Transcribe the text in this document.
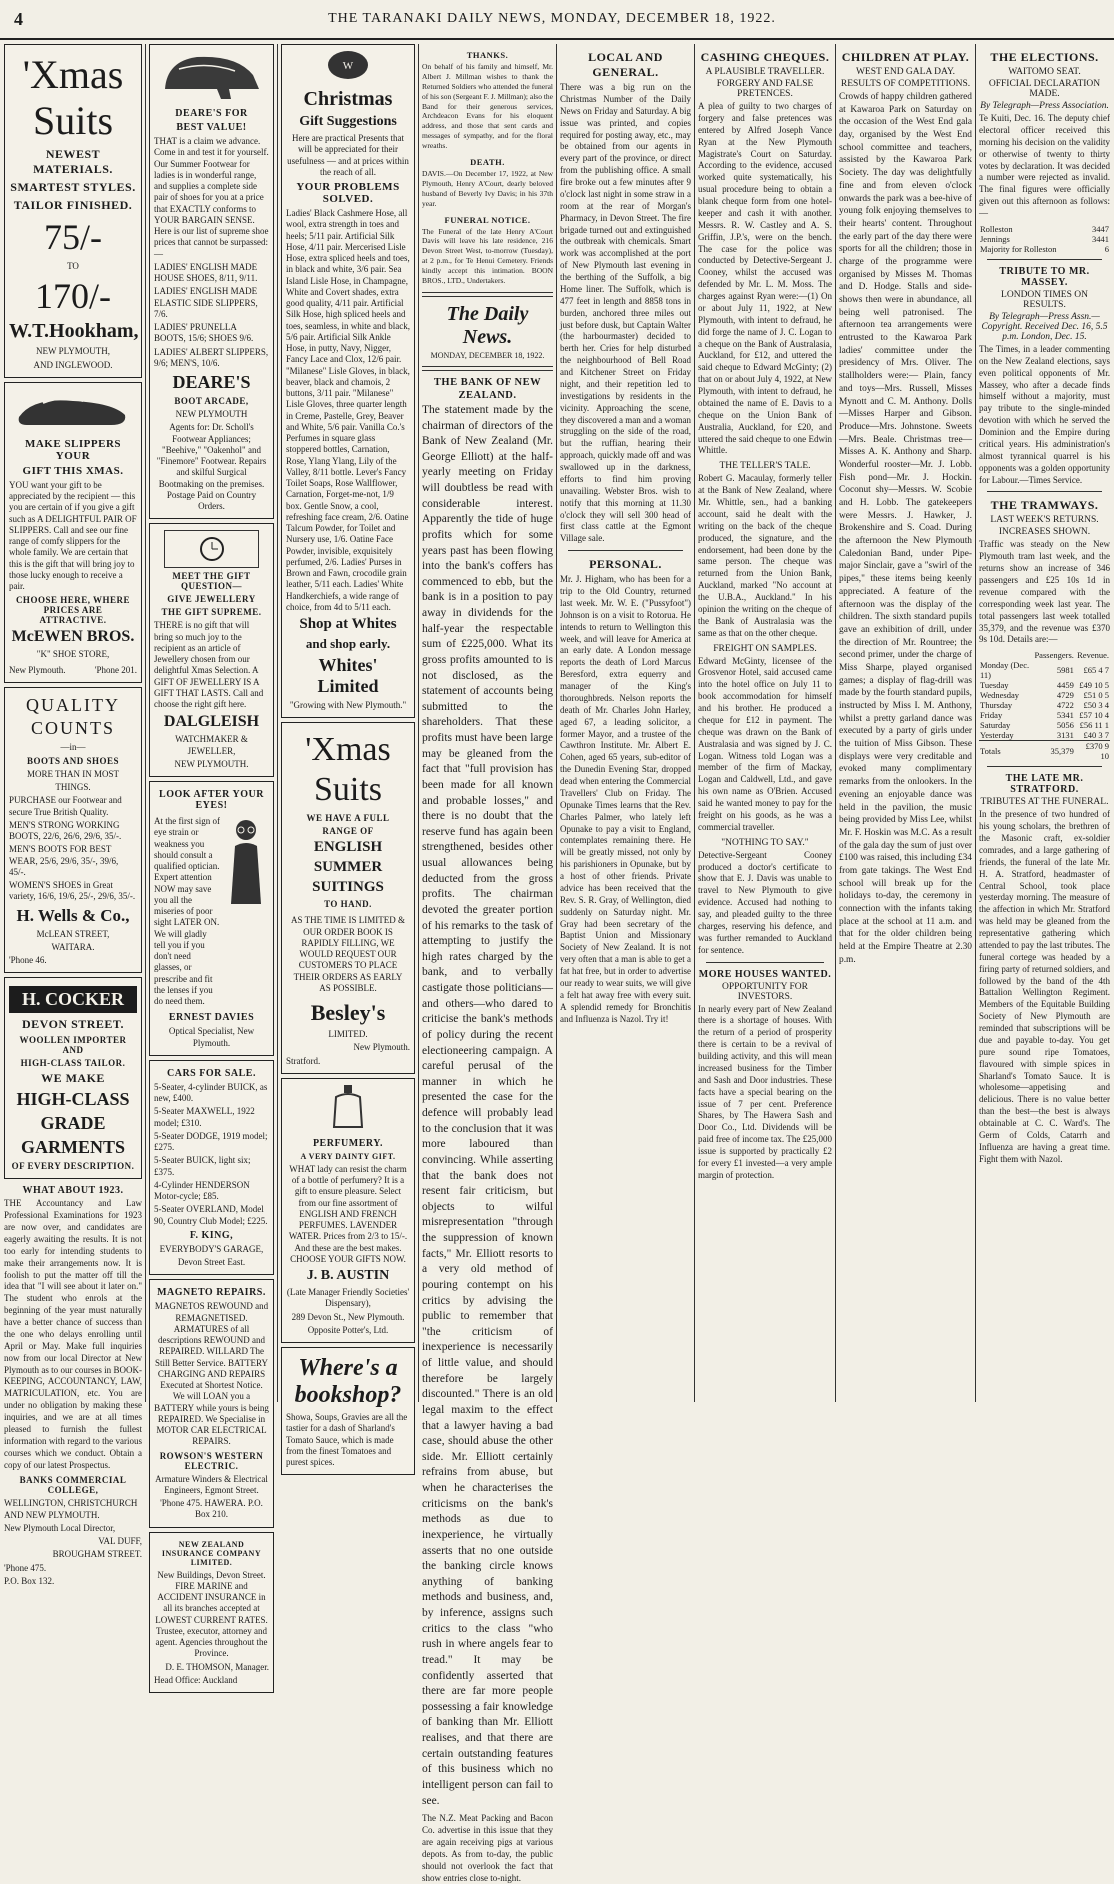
4	THE TARANAKI DAILY NEWS, MONDAY, DECEMBER 18, 1922.
'Xmas
Suits
NEWEST MATERIALS.
SMARTEST STYLES.
TAILOR FINISHED.
75/-
TO
170/-
W.T.Hookham,
NEW PLYMOUTH,
AND INGLEWOOD.
MAKE SLIPPERS YOUR
GIFT THIS XMAS.

YOU want your gift to be appreciated by the recipient — this you are certain of if you give a gift such as A DELIGHTFUL PAIR OF SLIPPERS. Call and see our fine range of comfy slippers for the whole family. We are certain that this is the gift that will bring joy to those lucky enough to receive a pair.

CHOOSE HERE, WHERE PRICES ARE ATTRACTIVE.
McEWEN BROS.
"K" SHOE STORE,
New Plymouth.	'Phone 201.
QUALITY
COUNTS
—in—
BOOTS AND SHOES
MORE THAN IN MOST
THINGS.

PURCHASE our Footwear and secure True British Quality.

MEN'S STRONG WORKING BOOTS, 22/6, 26/6, 29/6, 35/-.

MEN'S BOOTS FOR BEST WEAR, 25/6, 29/6, 35/-, 39/6, 45/-.

WOMEN'S SHOES in Great variety, 16/6, 19/6, 25/-, 29/6, 35/-.

H. Wells & Co.,
McLEAN STREET,
WAITARA.
'Phone 46.
H. COCKER
DEVON STREET.
WOOLLEN IMPORTER AND
HIGH-CLASS TAILOR.
WE MAKE
HIGH-CLASS
GRADE
GARMENTS
OF EVERY DESCRIPTION.
WHAT ABOUT 1923.

THE Accountancy and Law Professional Examinations for 1923 are now over, and candidates are eagerly awaiting the results. It is not too early for intending students to make their arrangements now. It is foolish to put the matter off till the idea that "I will see about it later on." The student who enrols at the beginning of the year must naturally have a better chance of success than the one who delays enrolling until April or May. Make full inquiries now from our local Director at New Plymouth as to our courses in BOOK-KEEPING, ACCOUNTANCY, LAW, MATRICULATION, etc. You are under no obligation by making these inquiries, and we are at all times pleased to furnish the fullest information with regard to the various courses which we conduct. Obtain a copy of our latest Prospectus.

BANKS COMMERCIAL COLLEGE,
WELLINGTON, CHRISTCHURCH AND NEW PLYMOUTH.
New Plymouth Local Director,
VAL DUFF,
BROUGHAM STREET.
'Phone 475.
P.O. Box 132.
DEARE'S FOR
BEST VALUE!

THAT is a claim we advance. Come in and test it for yourself. Our Summer Footwear for ladies is in wonderful range, and supplies a complete side pair of shoes for you at a price that EXACTLY conforms to YOUR BARGAIN SENSE. Here is our list of supreme shoe prices that cannot be surpassed:—

LADIES' ENGLISH MADE HOUSE SHOES, 8/11, 9/11.

LADIES' ENGLISH MADE ELASTIC SIDE SLIPPERS, 7/6.

LADIES' PRUNELLA BOOTS, 15/6; SHOES 9/6.

LADIES' ALBERT SLIPPERS, 9/6; MEN'S, 10/6.

DEARE'S
BOOT ARCADE,
NEW PLYMOUTH

Agents for: Dr. Scholl's Footwear Appliances; "Beehive," "Oakenhol" and "Finemore" Footwear. Repairs and skilful Surgical Bootmaking on the premises. Postage Paid on Country Orders.

MEET THE GIFT QUESTION—
GIVE JEWELLERY
THE GIFT SUPREME.

THERE is no gift that will bring so much joy to the recipient as an article of Jewellery chosen from our delightful Xmas Selection. A GIFT OF JEWELLERY IS A GIFT THAT LASTS. Call and choose the right gift here.

DALGLEISH
WATCHMAKER & JEWELLER,
NEW PLYMOUTH.
LOOK AFTER YOUR EYES!

At the first sign of eye strain or weakness you should consult a qualified optician. Expert attention NOW may save you all the miseries of poor sight LATER ON. We will gladly tell you if you don't need glasses, or prescribe and fit the lenses if you do need them.

ERNEST DAVIES
Optical Specialist, New Plymouth.
CARS FOR SALE.

5-Seater, 4-cylinder BUICK, as new, £400.

5-Seater MAXWELL, 1922 model; £310.

5-Seater DODGE, 1919 model; £275.

5-Seater BUICK, light six; £375.

4-Cylinder HENDERSON Motor-cycle; £85.

5-Seater OVERLAND, Model 90, Country Club Model; £225.

F. KING,
EVERYBODY'S GARAGE,
Devon Street East.
MAGNETO REPAIRS.

MAGNETOS REWOUND and REMAGNETISED. ARMATURES of all descriptions REWOUND and REPAIRED. WILLARD The Still Better Service. BATTERY CHARGING AND REPAIRS Executed at Shortest Notice. We will LOAN you a BATTERY while yours is being REPAIRED. We Specialise in MOTOR CAR ELECTRICAL REPAIRS.

ROWSON'S WESTERN ELECTRIC.
Armature Winders & Electrical Engineers, Egmont Street.
'Phone 475. HAWERA. P.O. Box 210.
NEW ZEALAND INSURANCE COMPANY LIMITED.

New Buildings, Devon Street. FIRE MARINE and ACCIDENT INSURANCE in all its branches accepted at LOWEST CURRENT RATES. Trustee, executor, attorney and agent. Agencies throughout the Province.

D. E. THOMSON, Manager.
Head Office: Auckland
W
Christmas
Gift Suggestions

Here are practical Presents that will be appreciated for their usefulness — and at prices within the reach of all.

YOUR PROBLEMS SOLVED.

Ladies' Black Cashmere Hose, all wool, extra strength in toes and heels; 5/11 pair. Artificial Silk Hose, 4/11 pair. Mercerised Lisle Hose, extra spliced heels and toes, in black and white, 3/6 pair. Sea Island Lisle Hose, in Champagne, White and Covert shades, extra good quality, 4/11 pair. Artificial Silk Hose, high spliced heels and toes, seamless, in white and black, 5/6 pair. Artificial Silk Ankle Hose, in putty, Navy, Nigger, Fancy Lace and Clox, 12/6 pair. "Milanese" Lisle Gloves, in black, beaver, black and chamois, 2 buttons, 3/11 pair. "Milanese" Lisle Gloves, three quarter length in Creme, Pastelle, Grey, Beaver and White, 5/6 pair. Vanilla Co.'s Perfumes in square glass stoppered bottles, Carnation, Rose, Ylang Ylang, Lily of the Valley, 8/11 bottle. Lever's Fancy Toilet Soaps, Rose Wallflower, Carnation, Forget-me-not, 1/9 box. Gentle Snow, a cool, refreshing face cream, 2/6. Oatine Talcum Powder, for Toilet and Nursery use, 1/6. Oatine Face Powder, invisible, exquisitely perfumed, 2/6. Ladies' Purses in Brown and Fawn, crocodile grain leather, 5/11 each. Ladies' White Handkerchiefs, a wide range of choice, from 4d to 5/11 each.

Shop at Whites
and shop early.
Whites' Limited
"Growing with New Plymouth."
'Xmas
Suits
WE HAVE A FULL
RANGE OF
ENGLISH
SUMMER
SUITINGS
TO HAND.

AS THE TIME IS LIMITED & OUR ORDER BOOK IS RAPIDLY FILLING, WE WOULD REQUEST OUR CUSTOMERS TO PLACE THEIR ORDERS AS EARLY AS POSSIBLE.

Besley's
LIMITED.
New Plymouth.
Stratford.
PERFUMERY.
A VERY DAINTY GIFT.

WHAT lady can resist the charm of a bottle of perfumery? It is a gift to ensure pleasure. Select from our fine assortment of ENGLISH AND FRENCH PERFUMES. LAVENDER WATER. Prices from 2/3 to 15/-. And these are the best makes. CHOOSE YOUR GIFTS NOW.

J. B. AUSTIN
(Late Manager Friendly Societies' Dispensary),
289 Devon St., New Plymouth.
Opposite Potter's, Ltd.
Where's a bookshop?

Showa, Soups, Gravies are all the tastier for a dash of Sharland's Tomato Sauce, which is made from the finest Tomatoes and purest spices.

THANKS.

On behalf of his family and himself, Mr. Albert J. Millman wishes to thank the Returned Soldiers who attended the funeral of his son (Sergeant F. J. Millman); also the Band for their generous services, Archdeacon Evans for his eloquent address, and those that sent cards and messages of sympathy, and for the floral wreaths.

DEATH.

DAVIS.—On December 17, 1922, at New Plymouth, Henry A'Court, dearly beloved husband of Beverly Ivy Davis; in his 37th year.

FUNERAL NOTICE.

The Funeral of the late Henry A'Court Davis will leave his late residence, 216 Devon Street West, to-morrow (Tuesday), at 2 p.m., for Te Henui Cemetery. Friends kindly accept this intimation. BOON BROS., LTD., Undertakers.

The Daily News.
MONDAY, DECEMBER 18, 1922.
THE BANK OF NEW
ZEALAND.

The statement made by the chairman of directors of the Bank of New Zealand (Mr. George Elliott) at the half-yearly meeting on Friday will doubtless be read with considerable interest. Apparently the tide of huge profits which for some years past has been flowing into the bank's coffers has commenced to ebb, but the bank is in a position to pay away in dividends for the half-year the respectable sum of £225,000. What its gross profits amounted to is not disclosed, as the statement of accounts being submitted to the shareholders. That these profits must have been large may be gleaned from the fact that "full provision has been made for all known and probable losses," and there is no doubt that the reserve fund has again been strengthened, besides other usual allowances being deducted from the gross profits. The chairman devoted the greater portion of his remarks to the task of attempting to justify the high rates charged by the bank, and to verbally castigate those politicians—and others—who dared to criticise the bank's methods of policy during the recent electioneering campaign. A careful perusal of the manner in which he presented the case for the defence will probably lead to the conclusion that it was more laboured than convincing. While asserting that the bank does not resent fair criticism, but objects to wilful misrepresentation "through the suppression of known facts," Mr. Elliott resorts to a very old method of pouring contempt on his critics by advising the public to remember that "the criticism of inexperience is necessarily of little value, and should therefore be largely discounted." There is an old legal maxim to the effect that a lawyer having a bad case, should abuse the other side. Mr. Elliott certainly refrains from abuse, but when he characterises the criticisms on the bank's methods as due to inexperience, he virtually asserts that no one outside the banking circle knows anything of banking methods and business, and, by inference, assigns such critics to the class "who rush in where angels fear to tread." It may be confidently asserted that there are far more people possessing a fair knowledge of banking than Mr. Elliott realises, and that there are certain outstanding features of this business which no intelligent person can fail to see.

The N.Z. Meat Packing and Bacon Co. advertise in this issue that they are again receiving pigs at various depots. As from to-day, the public should not overlook the fact that show entries close to-night.

LOCAL AND GENERAL.

There was a big run on the Christmas Number of the Daily News on Friday and Saturday. A big issue was printed, and copies required for posting away, etc., may be obtained from our agents in every part of the province, or direct from the publishing office. A small fire broke out a few minutes after 9 o'clock last night in some straw in a room at the rear of Morgan's Pharmacy, in Devon Street. The fire brigade turned out and extinguished the outbreak with chemicals. Smart work was accomplished at the port of New Plymouth last evening in the berthing of the Suffolk, a big Home liner. The Suffolk, which is 477 feet in length and 8858 tons in burden, anchored three miles out just before dusk, but Captain Walter (the harbourmaster) decided to berth her. Cries for help disturbed the neighbourhood of Bell Road and Kitchener Street on Friday night, and their repetition led to investigations by residents in the vicinity. Approaching the scene, they discovered a man and a woman struggling on the side of the road, but the ruffian, hearing their approach, quickly made off and was swallowed up in the darkness, efforts to find him proving unavailing. Webster Bros. wish to notify that this morning at 11.30 o'clock they will sell 300 head of first class cattle at the Egmont Village sale.

PERSONAL.

Mr. J. Higham, who has been for a trip to the Old Country, returned last week. Mr. W. E. ("Pussyfoot") Johnson is on a visit to Rotorua. He intends to return to Wellington this week, and will leave for America at an early date. A London message reports the death of Lord Marcus Beresford, extra equerry and manager of the King's thoroughbreds. Nelson reports the death of Mr. Charles John Harley, aged 67, a leading solicitor, a former Mayor, and a trustee of the Cawthron Institute. Mr. Albert E. Cohen, aged 65 years, sub-editor of the Dunedin Evening Star, dropped dead when entering the Commercial Travellers' Club on Friday. The Opunake Times learns that the Rev. Charles Palmer, who lately left Opunake to pay a visit to England, contemplates remaining there. He will be greatly missed, not only by his parishioners in Opunake, but by a host of other friends. Private advice has been received that the Rev. S. R. Gray, of Wellington, died suddenly on Saturday night. Mr. Gray had been secretary of the Baptist Union and Missionary Society of New Zealand. It is not very often that a man is able to get a fat hat free, but in order to advertise our ready to wear suits, we will give a felt hat away free with every suit. A splendid remedy for Bronchitis and Influenza is Nazol. Try it!

CASHING CHEQUES.
A PLAUSIBLE TRAVELLER.
FORGERY AND FALSE PRETENCES.

A plea of guilty to two charges of forgery and false pretences was entered by Alfred Joseph Vance Ryan at the New Plymouth Magistrate's Court on Saturday. According to the evidence, accused worked quite systematically, his usual procedure being to obtain a blank cheque form from one hotel-keeper and cash it with another. Messrs. R. W. Castley and A. S. Griffin, J.P.'s, were on the bench. The case for the police was conducted by Detective-Sergeant J. Cooney, whilst the accused was defended by Mr. L. M. Moss. The charges against Ryan were:—(1) On or about July 11, 1922, at New Plymouth, with intent to defraud, he did forge the name of J. C. Logan to a cheque on the Bank of Australasia, Auckland, for £12, and uttered the said cheque to Edward McGinty; (2) that on or about July 4, 1922, at New Plymouth, with intent to defraud, he obtained the name of E. Davis to a cheque on the Union Bank of Australia, Auckland, for £20, and uttered the said cheque to one Edwin Whittle.

THE TELLER'S TALE.

Robert G. Macaulay, formerly teller at the Bank of New Zealand, where Mr. Whittle, sen., had a banking account, said he dealt with the writing on the back of the cheque produced, the signature, and the endorsement, had been done by the same person. The cheque was returned from the Union Bank, Auckland, marked "No account at the U.B.A., Auckland." In his opinion the writing on the cheque of the Bank of Australasia was the same as that on the other cheque.

FREIGHT ON SAMPLES.

Edward McGinty, licensee of the Grosvenor Hotel, said accused came into the hotel office on July 11 to book accommodation for himself and his brother. He produced a cheque for £12 in payment. The cheque was drawn on the Bank of Australasia and was signed by J. C. Logan. Witness told Logan was a member of the firm of Mackay, Logan and Caldwell, Ltd., and gave his own name as O'Brien. Accused said he wanted money to pay for the freight on his goods, as he was a commercial traveller.

"NOTHING TO SAY."

Detective-Sergeant Cooney produced a doctor's certificate to show that E. J. Davis was unable to travel to New Plymouth to give evidence. Accused had nothing to say, and pleaded guilty to the three charges, reserving his defence, and was further remanded to Auckland for sentence.

MORE HOUSES WANTED.
OPPORTUNITY FOR INVESTORS.

In nearly every part of New Zealand there is a shortage of houses. With the return of a period of prosperity there is certain to be a revival of building activity, and this will mean increased business for the Timber and Sash and Door industries. These facts have a special bearing on the issue of 7 per cent. Preference Shares, by The Hawera Sash and Door Co., Ltd. Dividends will be paid free of income tax. The £25,000 issue is supported by practically £2 for every £1 invested—a very ample margin of protection.

CHILDREN AT PLAY.
WEST END GALA DAY.
RESULTS OF COMPETITIONS.

Crowds of happy children gathered at Kawaroa Park on Saturday on the occasion of the West End gala day, organised by the West End school committee and teachers, assisted by the Kawaroa Park Society. The day was delightfully fine and from eleven o'clock onwards the park was a bee-hive of young folk enjoying themselves to their hearts' content. Throughout the early part of the day there were sports for all the children; those in charge of the programme were organised by Misses M. Thomas and D. Hodge. Stalls and side-shows then were in abundance, all being well patronised. The afternoon tea arrangements were entrusted to the Kawaroa Park ladies' committee under the presidency of Mrs. Oliver. The stallholders were:— Plain, fancy and toys—Mrs. Russell, Misses Mynott and C. M. Anthony. Dolls—Misses Harper and Gibson. Produce—Mrs. Johnstone. Sweets—Mrs. Beale. Christmas tree—Misses A. K. Anthony and Sharp. Wonderful rooster—Mr. J. Lobb. Fish pond—Mr. J. Hockin. Coconut shy—Messrs. W. Scobie and H. Lobb. The gatekeepers were Messrs. J. Hawker, J. Brokenshire and S. Coad. During the afternoon the New Plymouth Caledonian Band, under Pipe-major Sinclair, gave a "swirl of the pipes," these items being keenly appreciated. A feature of the afternoon was the display of the children. The sixth standard pupils gave an exhibition of drill, under the direction of Mr. Rountree; the second primer, under the charge of Miss Sharpe, played organised games; a display of flag-drill was made by the fourth standard pupils, instructed by Miss I. M. Anthony, whilst a pretty garland dance was executed by a party of girls under the tuition of Miss Gibson. These displays were very creditable and evoked many complimentary remarks from the onlookers. In the evening an enjoyable dance was held in the pavilion, the music being provided by Miss Lee, whilst Mr. F. Hoskin was M.C. As a result of the gala day the sum of just over £100 was raised, this including £34 from gate takings. The West End school will break up for the holidays to-day, the ceremony in connection with the infants taking place at the school at 11 a.m. and that for the older children being held at the Empire Theatre at 2.30 p.m.

THE ELECTIONS.
WAITOMO SEAT.
OFFICIAL DECLARATION MADE.
By Telegraph—Press Association.

Te Kuiti, Dec. 16. The deputy chief electoral officer received this morning his decision on the validity or otherwise of twenty to thirty votes by declaration. It was decided a number were rejected as invalid. The final figures were officially given out this afternoon as follows:—

Rolleston	3447
Jennings	3441
Majority for Rolleston	6
TRIBUTE TO MR. MASSEY.
LONDON TIMES ON RESULTS.
By Telegraph—Press Assn.—Copyright. Received Dec. 16, 5.5 p.m. London, Dec. 15.

The Times, in a leader commenting on the New Zealand elections, says even political opponents of Mr. Massey, who after a decade finds himself without a majority, must pay tribute to the single-minded devotion with which he served the Dominion and the Empire during critical years. His administration's almost tyrannical quarrel is his opponents was a golden opportunity for Labour.—Times Service.

THE TRAMWAYS.
LAST WEEK'S RETURNS.
INCREASES SHOWN.

Traffic was steady on the New Plymouth tram last week, and the returns show an increase of 346 passengers and £25 10s 1d in revenue compared with the corresponding week last year. The total passengers last week totalled 35,379, and the revenue was £370 9s 10d. Details are:—

	Passengers.	Revenue.
Monday (Dec. 11)	5981	£65 4 7
Tuesday	4459	£49 10 5
Wednesday	4729	£51 0 5
Thursday	4722	£50 3 4
Friday	5341	£57 10 4
Saturday	5056	£56 11 1
Yesterday	3131	£40 3 7
Totals	35,379	£370 9 10
THE LATE MR. STRATFORD.
TRIBUTES AT THE FUNERAL.

In the presence of two hundred of his young scholars, the brethren of the Masonic craft, ex-soldier comrades, and a large gathering of friends, the funeral of the late Mr. H. A. Stratford, headmaster of Central School, took place yesterday morning. The measure of the affection in which Mr. Stratford was held may be gleaned from the representative gathering which attended to pay the last tributes. The funeral cortege was headed by a firing party of returned soldiers, and followed by the band of the 4th Battalion Wellington Regiment. Members of the Equitable Building Society of New Plymouth are reminded that subscriptions will be due and payable to-day. You get pure sound ripe Tomatoes, flavoured with simple spices in Sharland's Tomato Sauce. It is wholesome—appetising and delicious. There is no value better than the best—the best is always obtainable at C. C. Ward's. The Germ of Colds, Catarrh and Influenza are having a great time. Fight them with Nazol.
